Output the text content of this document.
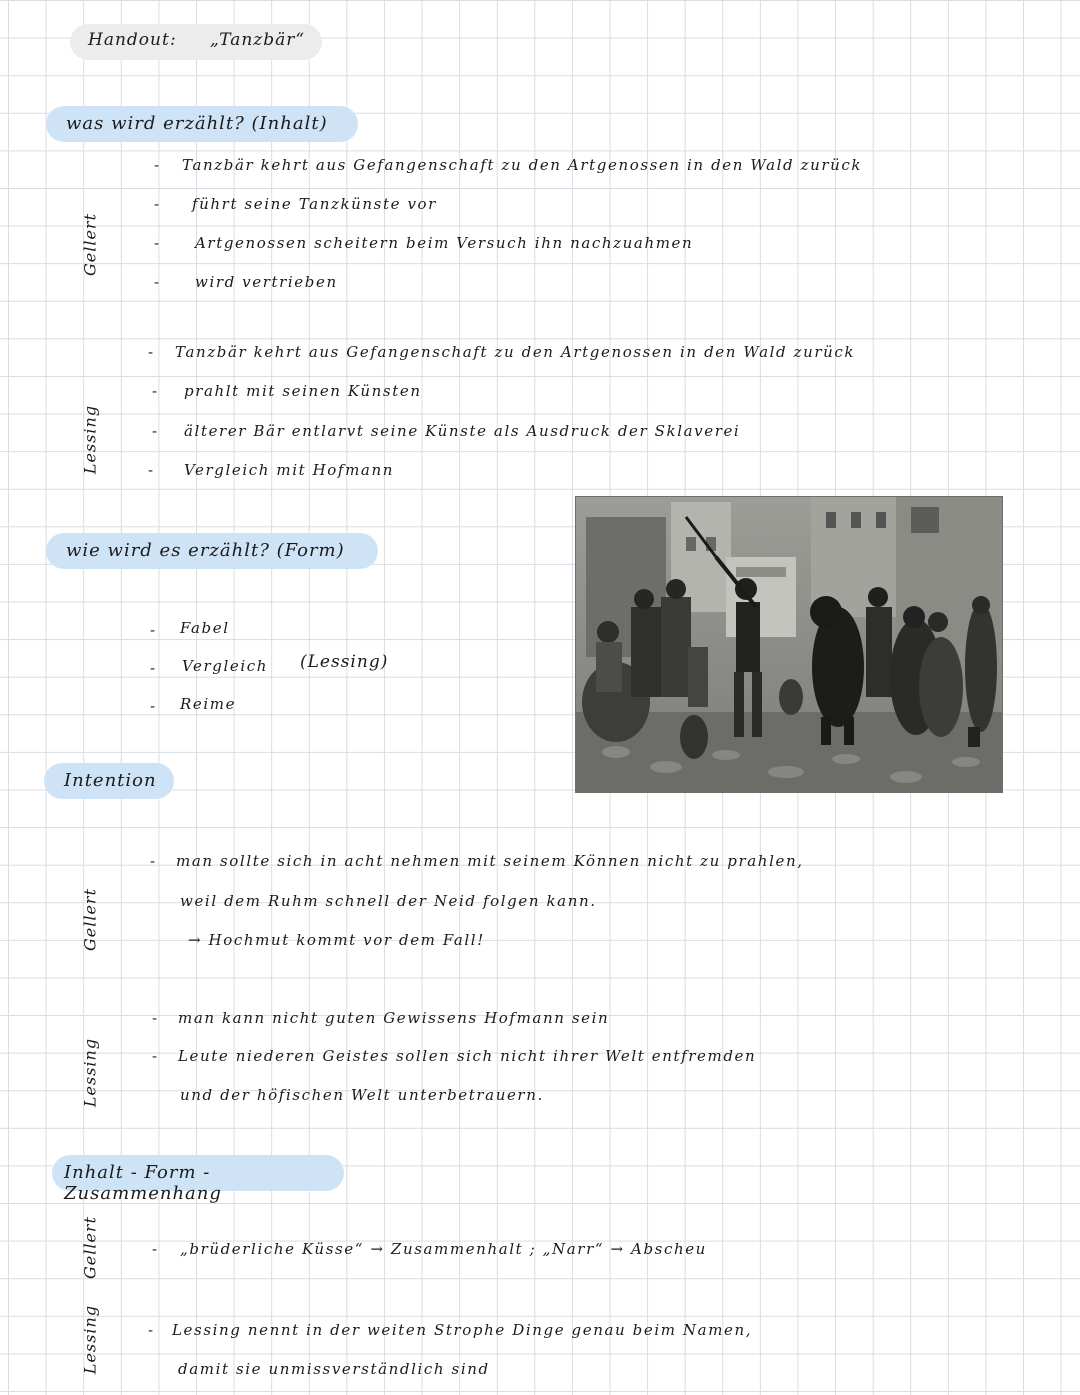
Handout : „Tanzbär“
was wird erzählt? (Inhalt)
Gellert
- Tanzbär kehrt aus Gefangenschaft zu den Artgenossen in den Wald zurück
- führt seine Tanzkünste vor
- Artgenossen scheitern beim Versuch ihn nachzuahmen
- wird vertrieben
Lessing
- Tanzbär kehrt aus Gefangenschaft zu den Artgenossen in den Wald zurück
- prahlt mit seinen Künsten
- älterer Bär entlarvt seine Künste als Ausdruck der Sklaverei
- Vergleich mit Hofmann
wie wird es erzählt? (Form)
- Fabel
- Vergleich (Lessing)
- Reime
Intention
Gellert
- man sollte sich in acht nehmen mit seinem Können nicht zu prahlen,
weil dem Ruhm schnell der Neid folgen kann.
→ Hochmut kommt vor dem Fall!
Lessing
- man kann nicht guten Gewissens Hofmann sein
- Leute niederen Geistes sollen sich nicht ihrer Welt entfremden
und der höfischen Welt unterbetrauern.
Inhalt - Form - Zusammenhang
Gellert	- „brüderliche Küsse“ → Zusammenhalt ; „Narr“ → Abscheu
Lessing	- Lessing nennt in der weiten Strophe Dinge genau beim Namen,
damit sie unmissverständlich sind
